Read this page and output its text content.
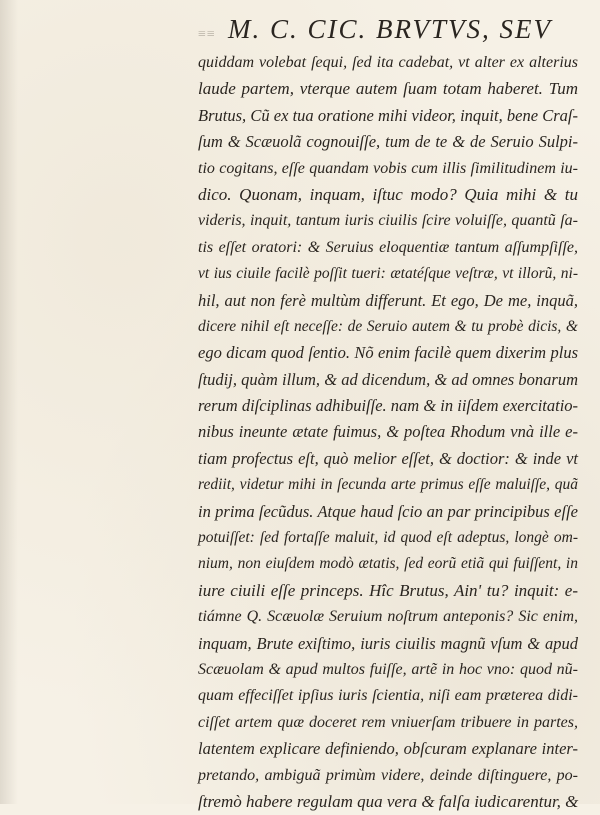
≡≡ M. C. CIC. BRVTVS, SEV
quiddam volebat ſequi, ſed ita cadebat, vt alter ex alterius
laude partem, vterque autem ſuam totam haberet. Tum
Brutus, Cũ ex tua oratione mihi videor, inquit, bene Craſ-
ſum & Scæuolã cognouiſſe, tum de te & de Seruio Sulpi-
tio cogitans, eſſe quandam vobis cum illis ſimilitudinem iu-
dico. Quonam, inquam, iſtuc modo? Quia mihi & tu
videris, inquit, tantum iuris ciuilis ſcire voluiſſe, quantũ ſa-
tis eſſet oratori: & Seruius eloquentiæ tantum aſſumpſiſſe,
vt ius ciuile facilè poſſit tueri: ætatéſque veſtræ, vt illorũ, ni-
hil, aut non ferè multùm differunt. Et ego, De me, inquã,
dicere nihil eſt neceſſe: de Seruio autem & tu probè dicis, &
ego dicam quod ſentio. Nõ enim facilè quem dixerim plus
ſtudij, quàm illum, & ad dicendum, & ad omnes bonarum
rerum diſciplinas adhibuiſſe. nam & in iiſdem exercitatio-
nibus ineunte ætate fuimus, & poſtea Rhodum vnà ille e-
tiam profectus eſt, quò melior eſſet, & doctior: & inde vt
rediit, videtur mihi in ſecunda arte primus eſſe maluiſſe, quã
in prima ſecũdus. Atque haud ſcio an par principibus eſſe
potuiſſet: ſed fortaſſe maluit, id quod eſt adeptus, longè om-
nium, non eiuſdem modò ætatis, ſed eorũ etiã qui fuiſſent, in
iure ciuili eſſe princeps. Hîc Brutus, Ain' tu? inquit: e-
tiámne Q. Scæuolæ Seruium noſtrum anteponis? Sic enim,
inquam, Brute exiſtimo, iuris ciuilis magnũ vſum & apud
Scæuolam & apud multos fuiſſe, artẽ in hoc vno: quod nũ-
quam effeciſſet ipſius iuris ſcientia, niſi eam præterea didi-
ciſſet artem quæ doceret rem vniuerſam tribuere in partes,
latentem explicare definiendo, obſcuram explanare inter-
pretando, ambiguã primùm videre, deinde diſtinguere, po-
ſtremò habere regulam qua vera & falſa iudicarentur, &
